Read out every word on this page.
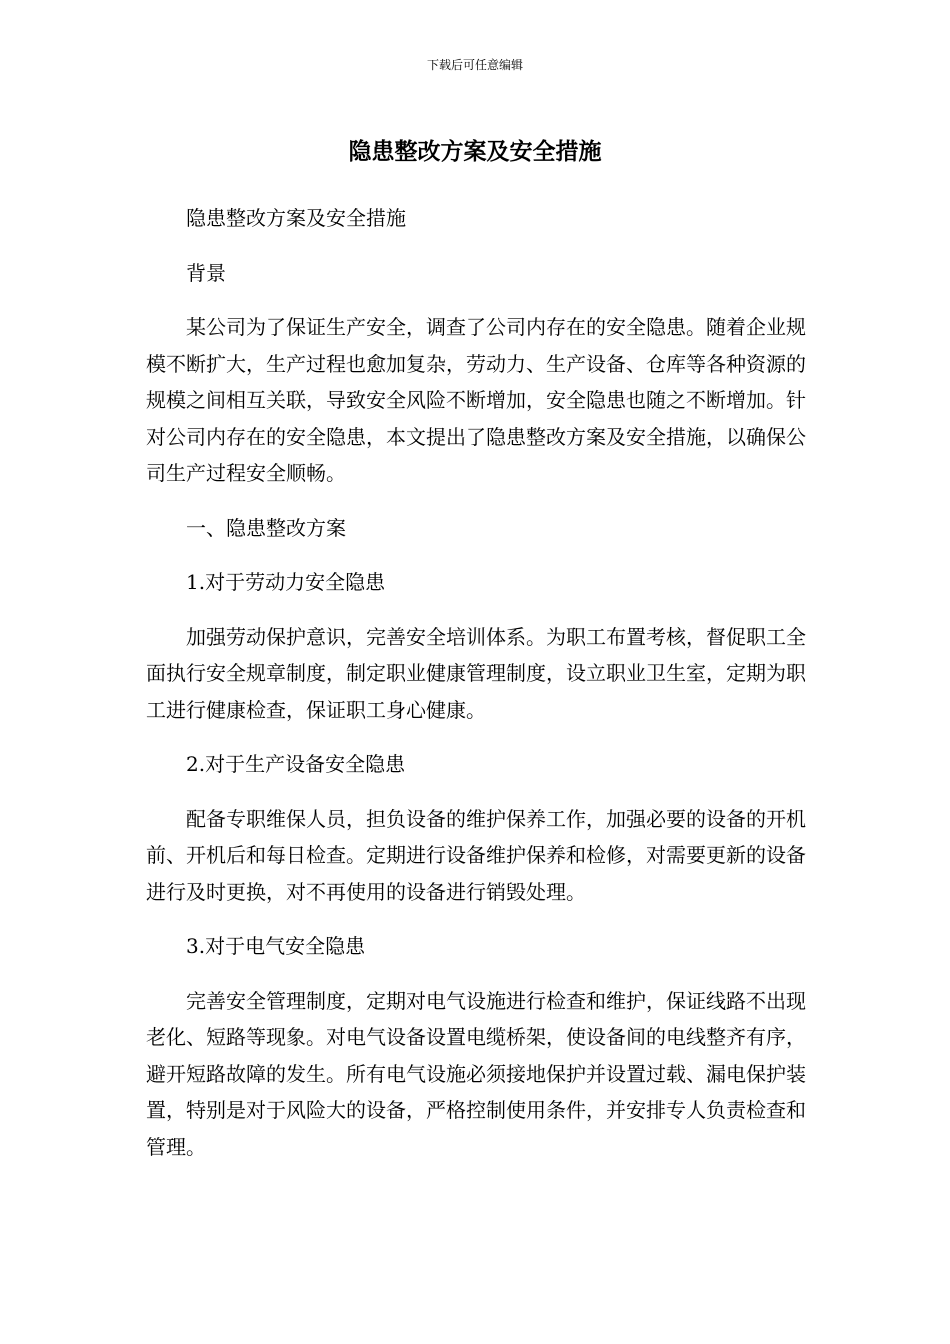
下载后可任意编辑
隐患整改方案及安全措施

隐患整改方案及安全措施

背景

某公司为了保证生产安全，调查了公司内存在的安全隐患。随着企业规模不断扩大，生产过程也愈加复杂，劳动力、生产设备、仓库等各种资源的规模之间相互关联，导致安全风险不断增加，安全隐患也随之不断增加。针对公司内存在的安全隐患，本文提出了隐患整改方案及安全措施，以确保公司生产过程安全顺畅。

一、隐患整改方案

1.对于劳动力安全隐患

加强劳动保护意识，完善安全培训体系。为职工布置考核，督促职工全面执行安全规章制度，制定职业健康管理制度，设立职业卫生室，定期为职工进行健康检查，保证职工身心健康。

2.对于生产设备安全隐患

配备专职维保人员，担负设备的维护保养工作，加强必要的设备的开机前、开机后和每日检查。定期进行设备维护保养和检修，对需要更新的设备进行及时更换，对不再使用的设备进行销毁处理。

3.对于电气安全隐患

完善安全管理制度，定期对电气设施进行检查和维护，保证线路不出现老化、短路等现象。对电气设备设置电缆桥架，使设备间的电线整齐有序，避开短路故障的发生。所有电气设施必须接地保护并设置过载、漏电保护装置，特别是对于风险大的设备，严格控制使用条件，并安排专人负责检查和管理。
